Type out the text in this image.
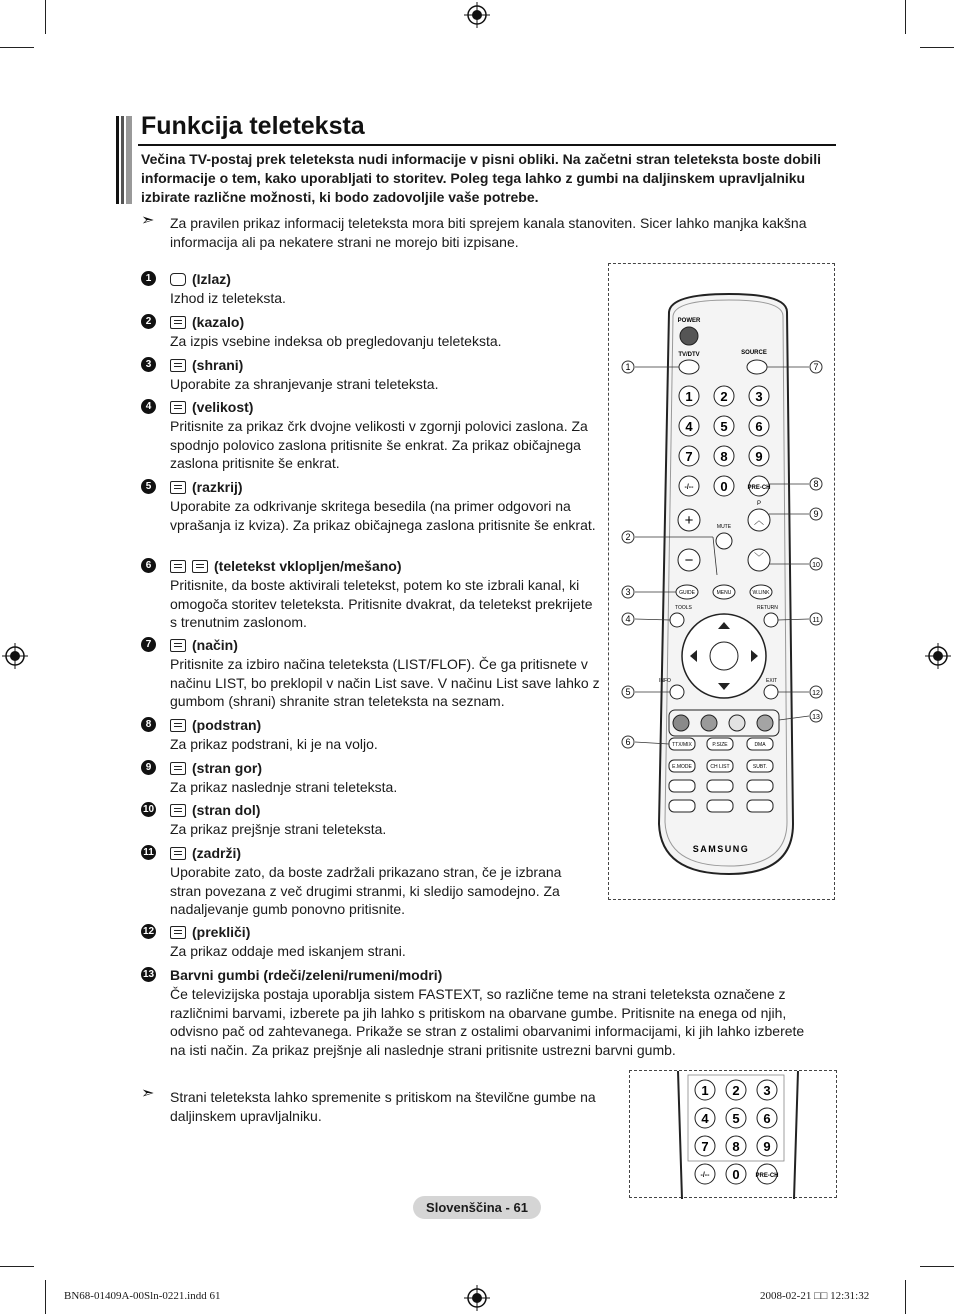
Funkcija teleteksta
Večina TV-postaj prek teleteksta nudi informacije v pisni obliki. Na začetni stran teleteksta boste dobili informacije o tem, kako uporabljati to storitev. Poleg tega lahko z gumbi na daljinskem upravljalniku izbirate različne možnosti, ki bodo zadovoljile vaše potrebe.
➣ Za pravilen prikaz informacij teleteksta mora biti sprejem kanala stanoviten. Sicer lahko manjka kakšna informacija ali pa nekatere strani ne morejo biti izpisane.
1	(Izlaz)
Izhod iz teleteksta.
2	(kazalo)
Za izpis vsebine indeksa ob pregledovanju teleteksta.
3	(shrani)
Uporabite za shranjevanje strani teleteksta.
4	(velikost)
Pritisnite za prikaz črk dvojne velikosti v zgornji polovici zaslona. Za spodnjo polovico zaslona pritisnite še enkrat. Za prikaz običajnega zaslona pritisnite še enkrat.
5	(razkrij)
Uporabite za odkrivanje skritega besedila (na primer odgovori na vprašanja iz kviza). Za prikaz običajnega zaslona pritisnite še enkrat.
6	(teletekst vklopljen/mešano)
Pritisnite, da boste aktivirali teletekst, potem ko ste izbrali kanal, ki omogoča storitev teleteksta. Pritisnite dvakrat, da teletekst prekrijete s trenutnim zaslonom.
7	(način)
Pritisnite za izbiro načina teleteksta (LIST/FLOF). Če ga pritisnete v načinu LIST, bo preklopil v način List save. V načinu List save lahko z gumbom (shrani) shranite stran teleteksta na seznam.
8	(podstran)
Za prikaz podstrani, ki je na voljo.
9	(stran gor)
Za prikaz naslednje strani teleteksta.
10	(stran dol)
Za prikaz prejšnje strani teleteksta.
11	(zadrži)
Uporabite zato, da boste zadržali prikazano stran, če je izbrana stran povezana z več drugimi stranmi, ki sledijo samodejno. Za nadaljevanje gumb ponovno pritisnite.
12	(prekliči)
Za prikaz oddaje med iskanjem strani.
13 Barvni gumbi (rdeči/zeleni/rumeni/modri)
Če televizijska postaja uporablja sistem FASTEXT, so različne teme na strani teleteksta označene z različnimi barvami, izberete pa jih lahko s pritiskom na obarvane gumbe. Pritisnite na enega od njih, odvisno pač od zahtevanega. Prikaže se stran z ostalimi obarvanimi informacijami, ki jih lahko izberete na isti način. Za prikaz prejšnje ali naslednje strani pritisnite ustrezni barvni gumb.
➣ Strani teleteksta lahko spremenite s pritiskom na številčne gumbe na daljinskem upravljalniku.
POWER
TV/DTV	SOURCE
1 2 3
4 5 6
7 8 9
-/-- 0	PRE-CH
P
+
−
︿
﹀
MUTE
GUIDE	MENU	W.LINK
TOOLS	RETURN
INFO	EXIT
TTX/MIX	P.SIZE	DMA
E.MODE	CH LIST	SUBT.
SAMSUNG
1
2
3
4
5
6
7
8
9
10
11
12
13
1 2 3
4 5 6
7 8 9
-/-- 0	PRE-CH
Slovenščina - 61
BN68-01409A-00Sln-0221.indd 61	2008-02-21 □□ 12:31:32
